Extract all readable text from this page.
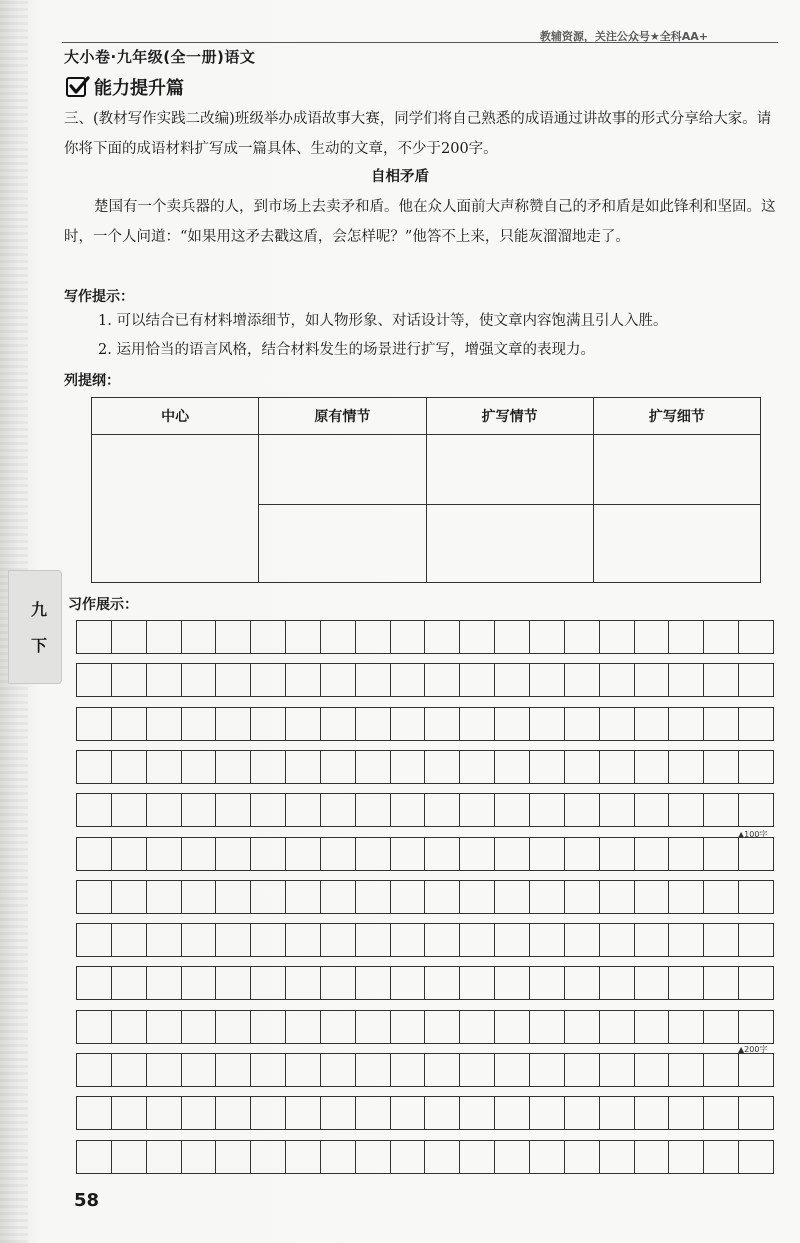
教辅资源，关注公众号★全科AA+
大小卷·九年级(全一册)语文
能力提升篇
三、(教材写作实践二改编)班级举办成语故事大赛，同学们将自己熟悉的成语通过讲故事的形式分享给大家。请你将下面的成语材料扩写成一篇具体、生动的文章，不少于200字。
自相矛盾
楚国有一个卖兵器的人，到市场上去卖矛和盾。他在众人面前大声称赞自己的矛和盾是如此锋利和坚固。这时，一个人问道：“如果用这矛去戳这盾，会怎样呢？”他答不上来，只能灰溜溜地走了。
写作提示：
1. 可以结合已有材料增添细节，如人物形象、对话设计等，使文章内容饱满且引人入胜。
2. 运用恰当的语言风格，结合材料发生的场景进行扩写，增强文章的表现力。
列提纲：
中心	原有情节	扩写情节	扩写细节

九
下
习作展示：
▲100字
▲200字
58
